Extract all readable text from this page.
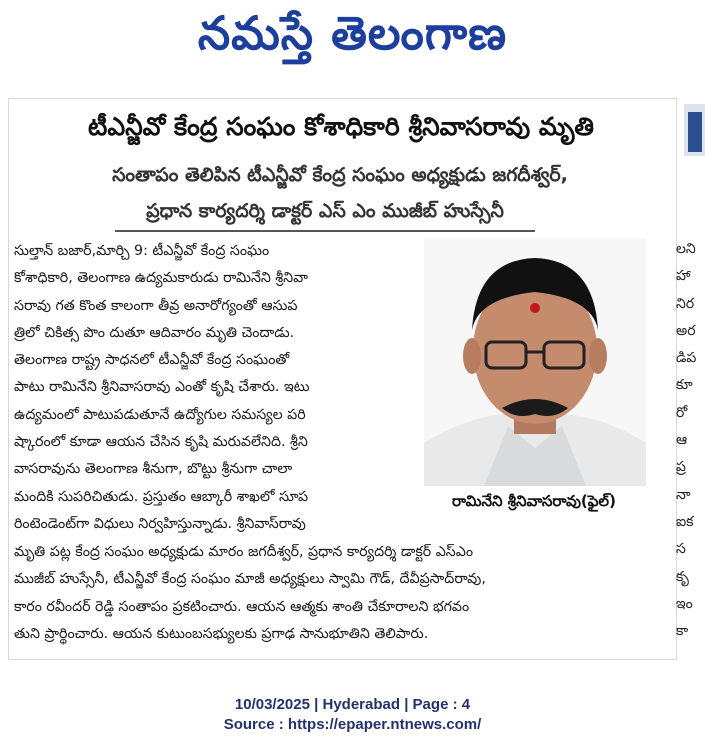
నమస్తే తెలంగాణ
టీఎన్జీవో కేంద్ర సంఘం కోశాధికారి శ్రీనివాసరావు మృతి
సంతాపం తెలిపిన టీఎన్జీవో కేంద్ర సంఘం అధ్యక్షుడు జగదీశ్వర్,
ప్రధాన కార్యదర్శి డాక్టర్ ఎస్ ఎం ముజీబ్ హుస్సేనీ
సుల్తాన్ బజార్,మార్చి 9: టీఎన్జీవో కేంద్ర సంఘం
కోశాధికారి, తెలంగాణ ఉద్యమకారుడు రామినేని శ్రీనివా
సరావు గత కొంత కాలంగా తీవ్ర అనారోగ్యంతో ఆసుప
త్రిలో చికిత్స పొం దుతూ ఆదివారం మృతి చెందాడు.
తెలంగాణ రాష్ట్ర సాధనలో టీఎన్జీవో కేంద్ర సంఘంతో
పాటు రామినేని శ్రీనివాసరావు ఎంతో కృషి చేశారు. ఇటు
ఉద్యమంలో పాటుపడుతూనే ఉద్యోగుల సమస్యల పరి
ష్కారంలో కూడా ఆయన చేసిన కృషి మరువలేనిది. శ్రీని
వాసరావును తెలంగాణ శీనుగా, బొట్టు శ్రీనుగా చాలా
మందికి సుపరిచితుడు. ప్రస్తుతం ఆబ్కారీ శాఖలో సూప
రింటెండెంట్‌గా విధులు నిర్వహిస్తున్నాడు. శ్రీనివాస్‌రావు
రామినేని శ్రీనివాసరావు(ఫైల్)
మృతి పట్ల కేంద్ర సంఘం అధ్యక్షుడు మారం జగదీశ్వర్, ప్రధాన కార్యదర్శి డాక్టర్ ఎస్‌ఎం
ముజీబ్ హుస్సేనీ, టీఎన్జీవో కేంద్ర సంఘం మాజీ అధ్యక్షులు స్వామి గౌడ్, దేవీప్రసాద్‌రావు,
కారం రవీందర్ రెడ్డి సంతాపం ప్రకటించారు. ఆయన ఆత్మకు శాంతి చేకూరాలని భగవం
తుని ప్రార్థించారు. ఆయన కుటుంబసభ్యులకు ప్రగాఢ సానుభూతిని తెలిపారు.
లని
హా
నిర
అర
డిప
కూ
రో
ఆ
ప్ర
నా
ఐక
స
కృ
ఇం
కా
10/03/2025 | Hyderabad | Page : 4
Source : https://epaper.ntnews.com/
